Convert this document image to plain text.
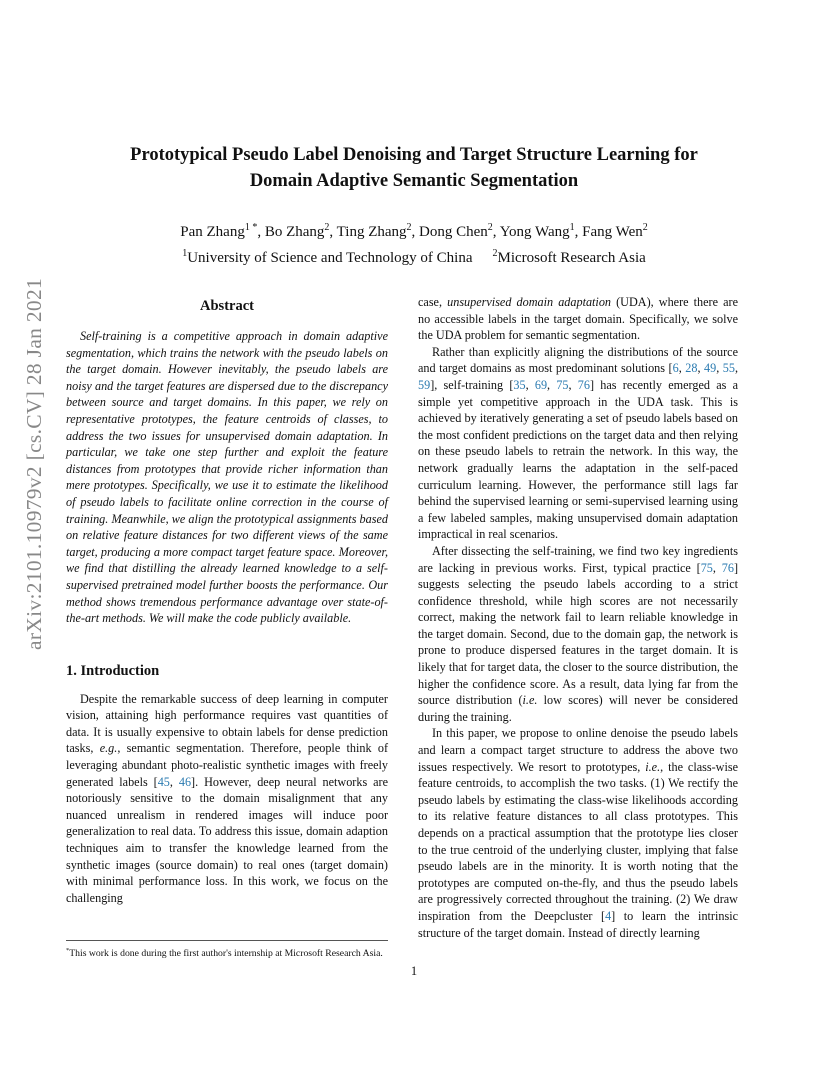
arXiv:2101.10979v2 [cs.CV] 28 Jan 2021
Prototypical Pseudo Label Denoising and Target Structure Learning for
Domain Adaptive Semantic Segmentation
Pan Zhang$^{1 *}$, Bo Zhang$^2$, Ting Zhang$^2$, Dong Chen$^2$, Yong Wang$^1$, Fang Wen$^2$
$^1$University of Science and Technology of China $^2$Microsoft Research Asia
Abstract

Self-training is a competitive approach in domain adaptive segmentation, which trains the network with the pseudo labels on the target domain. However inevitably, the pseudo labels are noisy and the target features are dispersed due to the discrepancy between source and target domains. In this paper, we rely on representative prototypes, the feature centroids of classes, to address the two issues for unsupervised domain adaptation. In particular, we take one step further and exploit the feature distances from prototypes that provide richer information than mere prototypes. Specifically, we use it to estimate the likelihood of pseudo labels to facilitate online correction in the course of training. Meanwhile, we align the prototypical assignments based on relative feature distances for two different views of the same target, producing a more compact target feature space. Moreover, we find that distilling the already learned knowledge to a self-supervised pretrained model further boosts the performance. Our method shows tremendous performance advantage over state-of-the-art methods. We will make the code publicly available.

1. Introduction

Despite the remarkable success of deep learning in computer vision, attaining high performance requires vast quantities of data. It is usually expensive to obtain labels for dense prediction tasks, e.g., semantic segmentation. Therefore, people think of leveraging abundant photo-realistic synthetic images with freely generated labels [45, 46]. However, deep neural networks are notoriously sensitive to the domain misalignment that any nuanced unrealism in rendered images will induce poor generalization to real data. To address this issue, domain adaption techniques aim to transfer the knowledge learned from the synthetic images (source domain) to real ones (target domain) with minimal performance loss. In this work, we focus on the challenging

case, unsupervised domain adaptation (UDA), where there are no accessible labels in the target domain. Specifically, we solve the UDA problem for semantic segmentation.

Rather than explicitly aligning the distributions of the source and target domains as most predominant solutions [6, 28, 49, 55, 59], self-training [35, 69, 75, 76] has recently emerged as a simple yet competitive approach in the UDA task. This is achieved by iteratively generating a set of pseudo labels based on the most confident predictions on the target data and then relying on these pseudo labels to retrain the network. In this way, the network gradually learns the adaptation in the self-paced curriculum learning. However, the performance still lags far behind the supervised learning or semi-supervised learning using a few labeled samples, making unsupervised domain adaptation impractical in real scenarios.

After dissecting the self-training, we find two key ingredients are lacking in previous works. First, typical practice [75, 76] suggests selecting the pseudo labels according to a strict confidence threshold, while high scores are not necessarily correct, making the network fail to learn reliable knowledge in the target domain. Second, due to the domain gap, the network is prone to produce dispersed features in the target domain. It is likely that for target data, the closer to the source distribution, the higher the confidence score. As a result, data lying far from the source distribution (i.e. low scores) will never be considered during the training.

In this paper, we propose to online denoise the pseudo labels and learn a compact target structure to address the above two issues respectively. We resort to prototypes, i.e., the class-wise feature centroids, to accomplish the two tasks. (1) We rectify the pseudo labels by estimating the class-wise likelihoods according to its relative feature distances to all class prototypes. This depends on a practical assumption that the prototype lies closer to the true centroid of the underlying cluster, implying that false pseudo labels are in the minority. It is worth noting that the prototypes are computed on-the-fly, and thus the pseudo labels are progressively corrected throughout the training. (2) We draw inspiration from the Deepcluster [4] to learn the intrinsic structure of the target domain. Instead of directly learning

*This work is done during the first author's internship at Microsoft Research Asia.
1
